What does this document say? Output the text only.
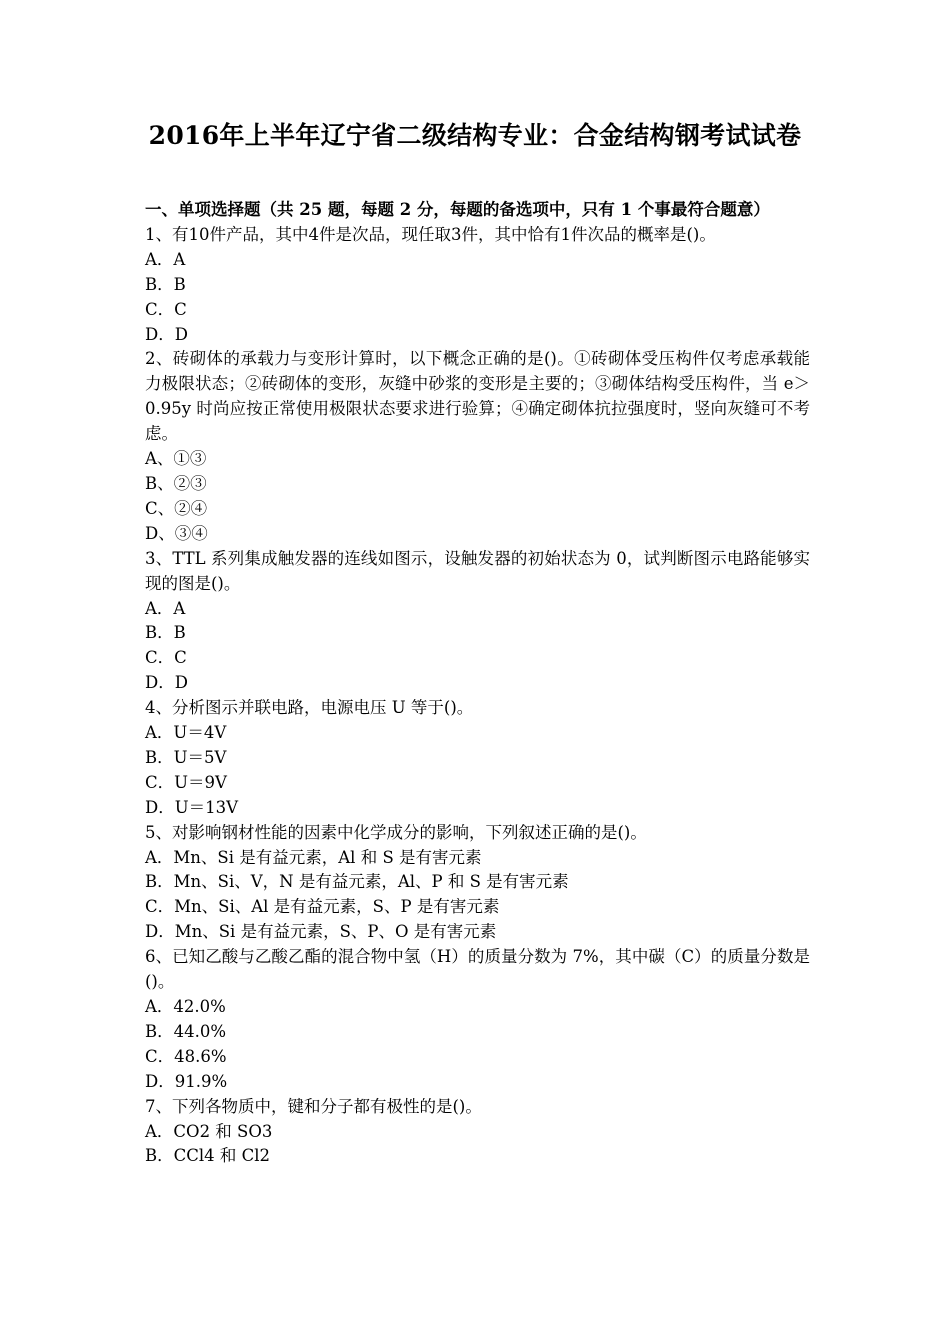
2016年上半年辽宁省二级结构专业：合金结构钢考试试卷

一、单项选择题（共 25 题，每题 2 分，每题的备选项中，只有 1 个事最符合题意）

1、有10件产品，其中4件是次品，现任取3件，其中恰有1件次品的概率是()。

A．A

B．B

C．C

D．D

2、砖砌体的承载力与变形计算时，以下概念正确的是()。①砖砌体受压构件仅考虑承载能力极限状态；②砖砌体的变形，灰缝中砂浆的变形是主要的；③砌体结构受压构件，当 e＞0.95y 时尚应按正常使用极限状态要求进行验算；④确定砌体抗拉强度时，竖向灰缝可不考虑。

A、①③

B、②③

C、②④

D、③④

3、TTL 系列集成触发器的连线如图示，设触发器的初始状态为 0，试判断图示电路能够实现的图是()。

A．A

B．B

C．C

D．D

4、分析图示并联电路，电源电压 U 等于()。

A．U＝4V

B．U＝5V

C．U＝9V

D．U＝13V

5、对影响钢材性能的因素中化学成分的影响，下列叙述正确的是()。

A．Mn、Si 是有益元素，Al 和 S 是有害元素

B．Mn、Si、V，N 是有益元素，Al、P 和 S 是有害元素

C．Mn、Si、Al 是有益元素，S、P 是有害元素

D．Mn、Si 是有益元素，S、P、O 是有害元素

6、已知乙酸与乙酸乙酯的混合物中氢（H）的质量分数为 7%，其中碳（C）的质量分数是()。

A．42.0%

B．44.0%

C．48.6%

D．91.9%

7、下列各物质中，键和分子都有极性的是()。

A．CO2 和 SO3

B．CCl4 和 Cl2
